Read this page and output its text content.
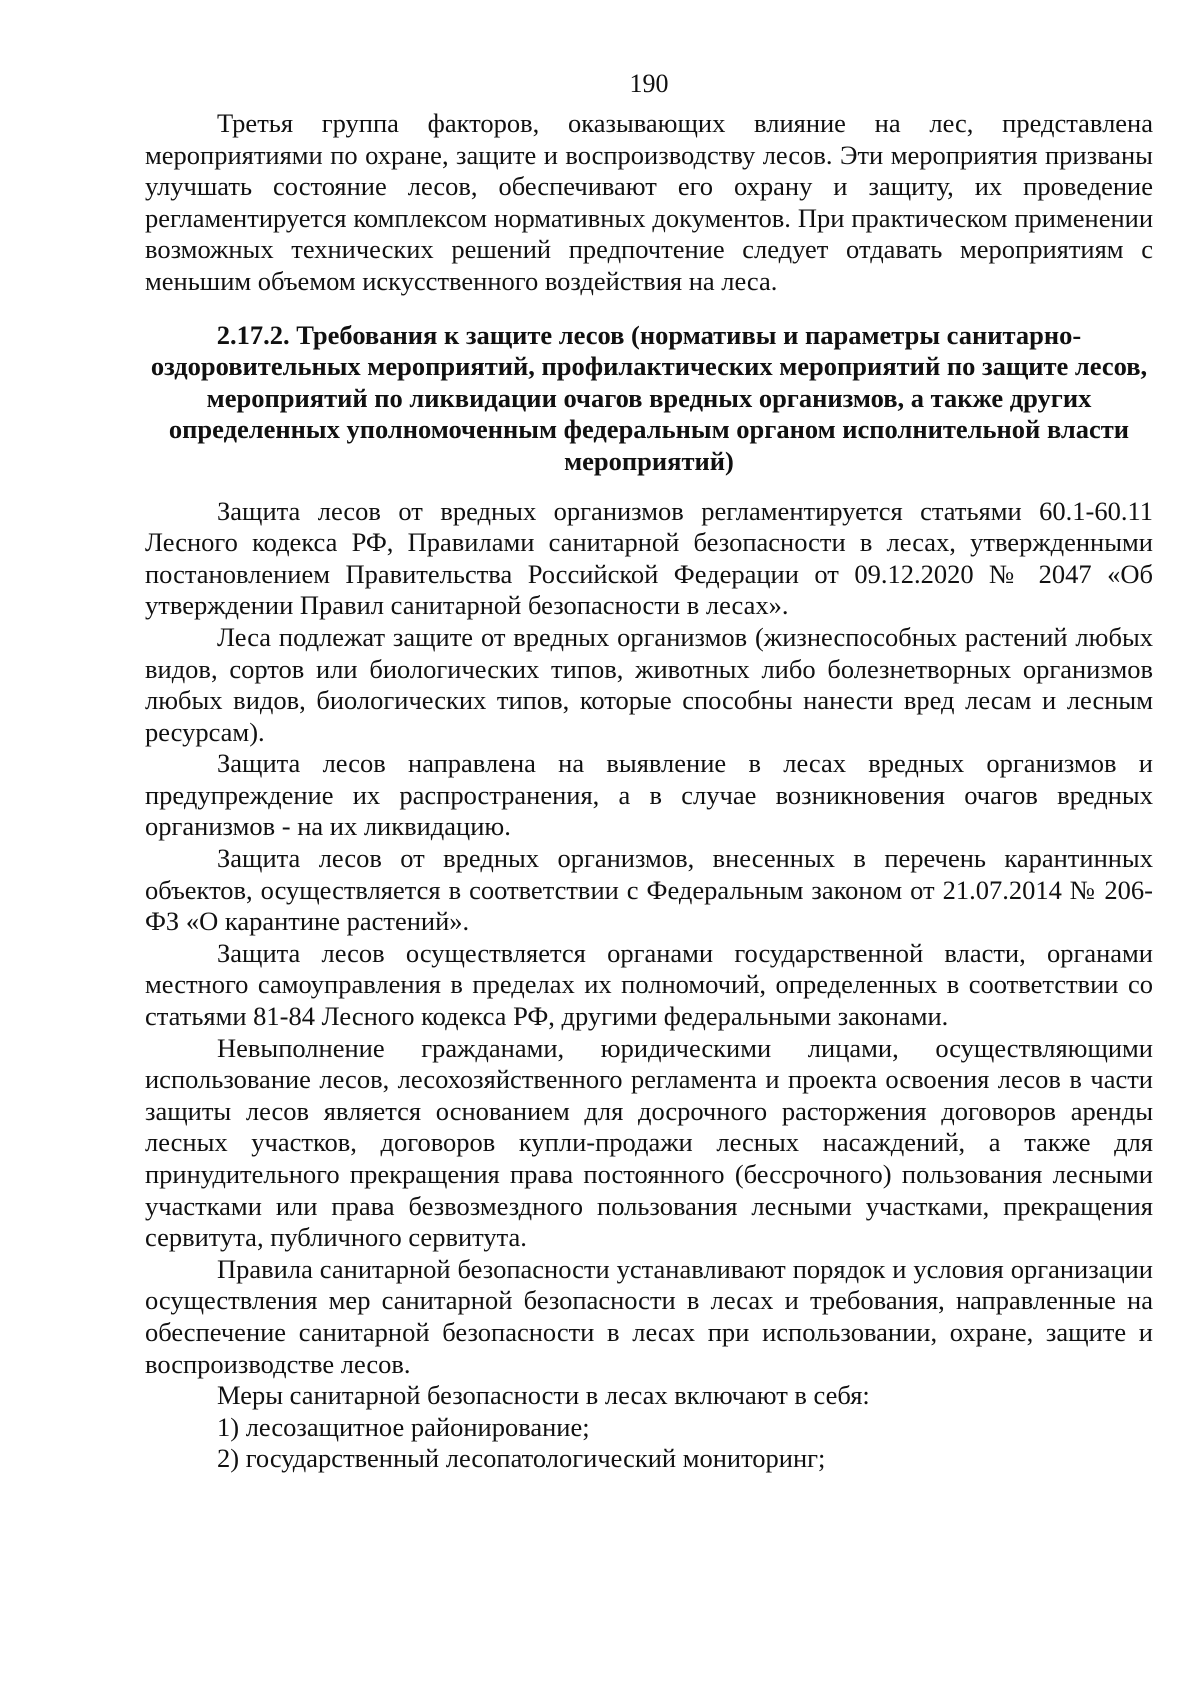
190

Третья группа факторов, оказывающих влияние на лес, представлена мероприятиями по охране, защите и воспроизводству лесов. Эти мероприятия призваны улучшать состояние лесов, обеспечивают его охрану и защиту, их проведение регламентируется комплексом нормативных документов. При практическом применении возможных технических решений предпочтение следует отдавать мероприятиям с меньшим объемом искусственного воздействия на леса.

2.17.2. Требования к защите лесов (нормативы и параметры санитарно-оздоровительных мероприятий, профилактических мероприятий по защите лесов, мероприятий по ликвидации очагов вредных организмов, а также других определенных уполномоченным федеральным органом исполнительной власти мероприятий)

Защита лесов от вредных организмов регламентируется статьями 60.1-60.11 Лесного кодекса РФ, Правилами санитарной безопасности в лесах, утвержденными постановлением Правительства Российской Федерации от 09.12.2020 № 2047 «Об утверждении Правил санитарной безопасности в лесах».

Леса подлежат защите от вредных организмов (жизнеспособных растений любых видов, сортов или биологических типов, животных либо болезнетворных организмов любых видов, биологических типов, которые способны нанести вред лесам и лесным ресурсам).

Защита лесов направлена на выявление в лесах вредных организмов и предупреждение их распространения, а в случае возникновения очагов вредных организмов - на их ликвидацию.

Защита лесов от вредных организмов, внесенных в перечень карантинных объектов, осуществляется в соответствии с Федеральным законом от 21.07.2014 № 206-ФЗ «О карантине растений».

Защита лесов осуществляется органами государственной власти, органами местного самоуправления в пределах их полномочий, определенных в соответствии со статьями 81-84 Лесного кодекса РФ, другими федеральными законами.

Невыполнение гражданами, юридическими лицами, осуществляющими использование лесов, лесохозяйственного регламента и проекта освоения лесов в части защиты лесов является основанием для досрочного расторжения договоров аренды лесных участков, договоров купли-продажи лесных насаждений, а также для принудительного прекращения права постоянного (бессрочного) пользования лесными участками или права безвозмездного пользования лесными участками, прекращения сервитута, публичного сервитута.

Правила санитарной безопасности устанавливают порядок и условия организации осуществления мер санитарной безопасности в лесах и требования, направленные на обеспечение санитарной безопасности в лесах при использовании, охране, защите и воспроизводстве лесов.

Меры санитарной безопасности в лесах включают в себя:

1) лесозащитное районирование;

2) государственный лесопатологический мониторинг;
